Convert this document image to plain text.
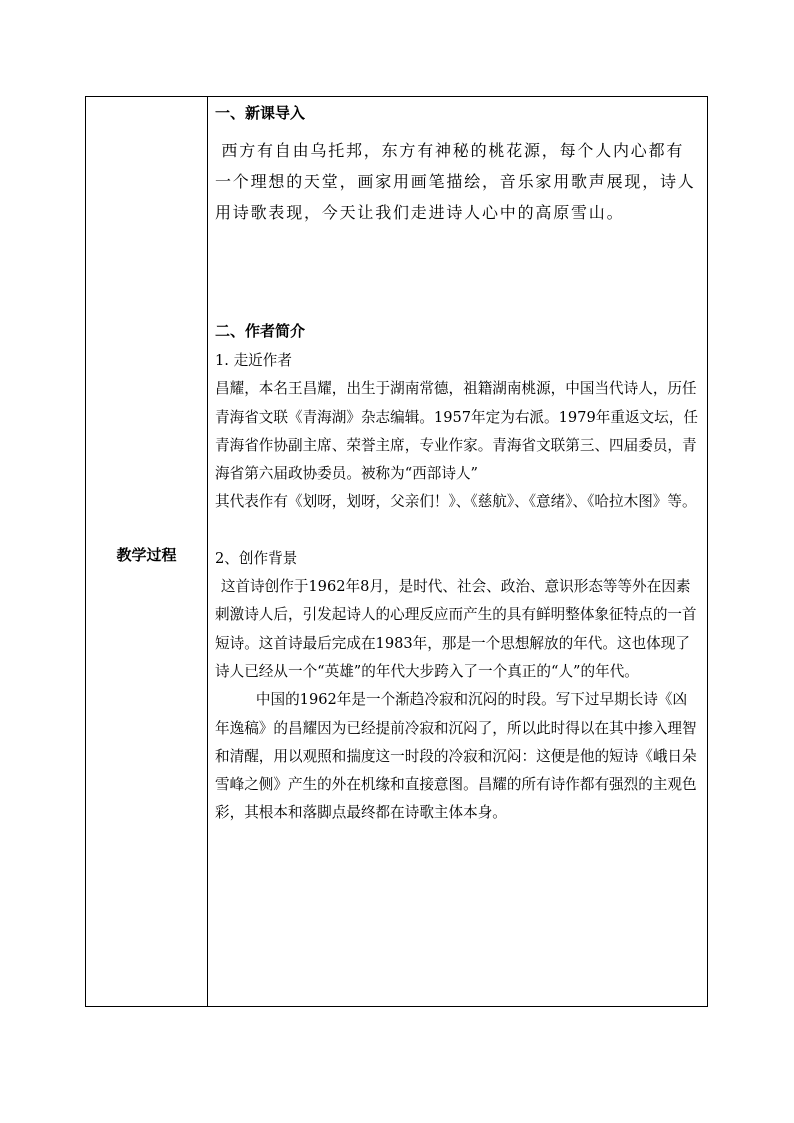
教学过程
一、新课导入
西方有自由乌托邦，东方有神秘的桃花源，每个人内心都有一个理想的天堂，画家用画笔描绘，音乐家用歌声展现，诗人用诗歌表现，今天让我们走进诗人心中的高原雪山。
二、作者简介

1. 走近作者

昌耀，本名王昌耀，出生于湖南常德，祖籍湖南桃源，中国当代诗人，历任青海省文联《青海湖》杂志编辑。1957年定为右派。1979年重返文坛，任青海省作协副主席、荣誉主席，专业作家。青海省文联第三、四届委员，青海省第六届政协委员。被称为“西部诗人”

其代表作有《划呀，划呀，父亲们！》、《慈航》、《意绪》、《哈拉木图》等。

2、创作背景

这首诗创作于1962年8月，是时代、社会、政治、意识形态等等外在因素刺激诗人后，引发起诗人的心理反应而产生的具有鲜明整体象征特点的一首短诗。这首诗最后完成在1983年，那是一个思想解放的年代。这也体现了诗人已经从一个“英雄”的年代大步跨入了一个真正的“人”的年代。

中国的1962年是一个渐趋冷寂和沉闷的时段。写下过早期长诗《凶年逸稿》的昌耀因为已经提前冷寂和沉闷了，所以此时得以在其中掺入理智和清醒，用以观照和揣度这一时段的冷寂和沉闷：这便是他的短诗《峨日朵雪峰之侧》产生的外在机缘和直接意图。昌耀的所有诗作都有强烈的主观色彩，其根本和落脚点最终都在诗歌主体本身。
